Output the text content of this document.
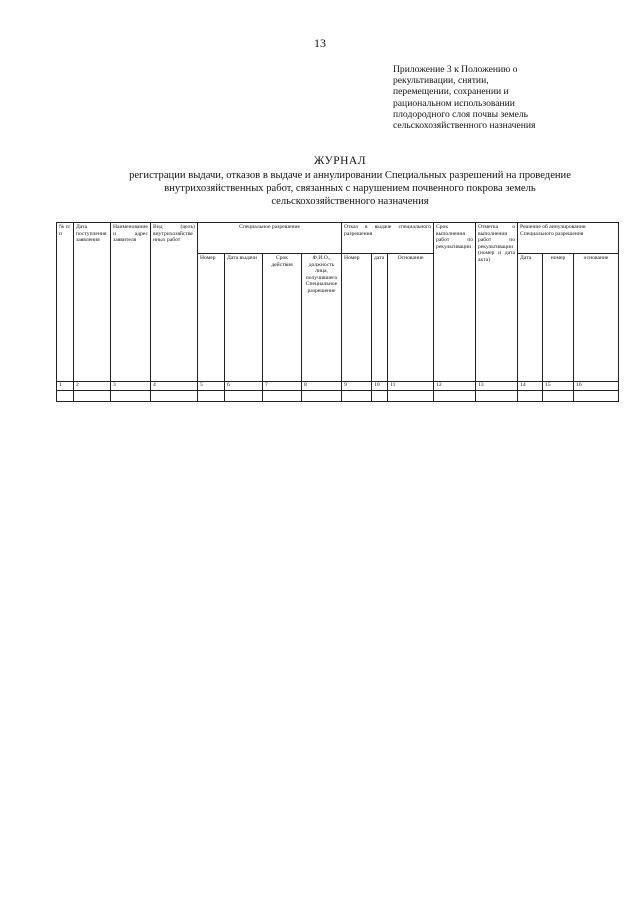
13
Приложение 3 к Положению о
рекультивации, снятии,
перемещении, сохранении и
рациональном использовании
плодородного слоя почвы земель
сельскохозяйственного назначения
ЖУРНАЛ
регистрации выдачи, отказов в выдаче и аннулировании Специальных разрешений на проведение
внутрихозяйственных работ, связанных с нарушением почвенного покрова земель
сельскохозяйственного назначения
№ п/п	Дата поступления заявления	Наименование и адрес заявителя	Вид (цель) внутрихозяйственных работ	Специальное разрешение				Отказ в выдаче специального разрешения			Срок выполнения работ по рекультивации	Отметка о выполнении работ по рекультивации (номер и дата акта)	Решение об аннулировании Специального разрешения		
				Номер	Дата выдачи	Срок действия	Ф.И.О., должность лица, получившего Специальное разрешение	Номер	дата	Основание			Дата	номер	основание
1	2	3	4	5	6	7	8	9	10	11	12	13	14	15	16
